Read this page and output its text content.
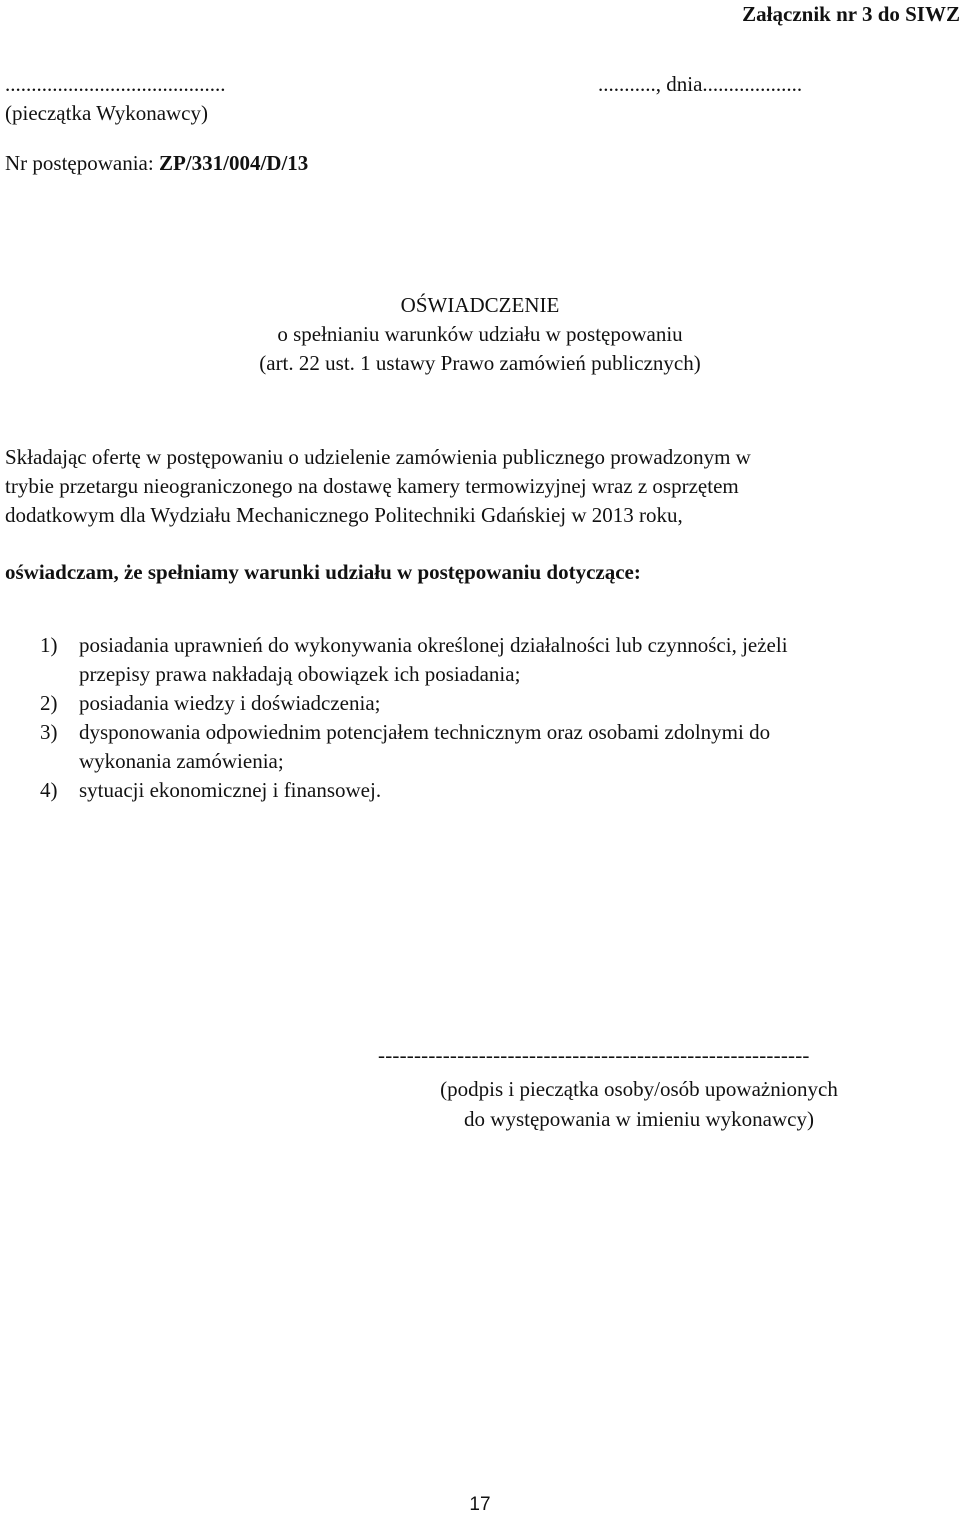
Załącznik nr 3 do SIWZ
..........................................
(pieczątka Wykonawcy)
..........., dnia...................
Nr postępowania: ZP/331/004/D/13
OŚWIADCZENIE
o spełnianiu warunków udziału w postępowaniu
(art. 22 ust. 1 ustawy Prawo zamówień publicznych)
Składając ofertę w postępowaniu o udzielenie zamówienia publicznego prowadzonym w
trybie przetargu nieograniczonego na dostawę kamery termowizyjnej wraz z osprzętem
dodatkowym dla Wydziału Mechanicznego Politechniki Gdańskiej w 2013 roku,
oświadczam, że spełniamy warunki udziału w postępowaniu dotyczące:
1)	posiadania uprawnień do wykonywania określonej działalności lub czynności, jeżeli
przepisy prawa nakładają obowiązek ich posiadania;
2)	posiadania wiedzy i doświadczenia;
3)	dysponowania odpowiednim potencjałem technicznym oraz osobami zdolnymi do
wykonania zamówienia;
4)	sytuacji ekonomicznej i finansowej.
------------------------------------------------------------
(podpis i pieczątka osoby/osób upoważnionych
do występowania w imieniu wykonawcy)
17
